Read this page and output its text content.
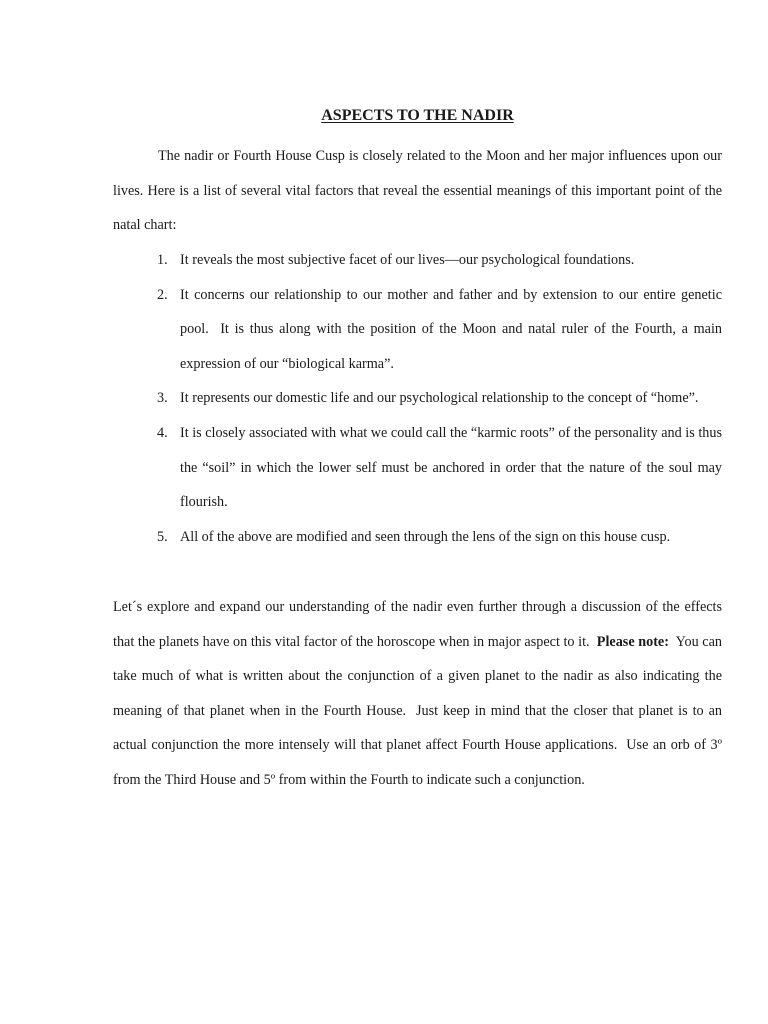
ASPECTS TO THE NADIR

The nadir or Fourth House Cusp is closely related to the Moon and her major influences upon our lives. Here is a list of several vital factors that reveal the essential meanings of this important point of the natal chart:

1. It reveals the most subjective facet of our lives—our psychological foundations.
2. It concerns our relationship to our mother and father and by extension to our entire genetic pool.  It is thus along with the position of the Moon and natal ruler of the Fourth, a main expression of our “biological karma”.
3. It represents our domestic life and our psychological relationship to the concept of “home”.
4. It is closely associated with what we could call the “karmic roots” of the personality and is thus the “soil” in which the lower self must be anchored in order that the nature of the soul may flourish.
5. All of the above are modified and seen through the lens of the sign on this house cusp.

Let´s explore and expand our understanding of the nadir even further through a discussion of the effects that the planets have on this vital factor of the horoscope when in major aspect to it.  Please note:  You can take much of what is written about the conjunction of a given planet to the nadir as also indicating the meaning of that planet when in the Fourth House.  Just keep in mind that the closer that planet is to an actual conjunction the more intensely will that planet affect Fourth House applications.  Use an orb of 3º from the Third House and 5º from within the Fourth to indicate such a conjunction.
